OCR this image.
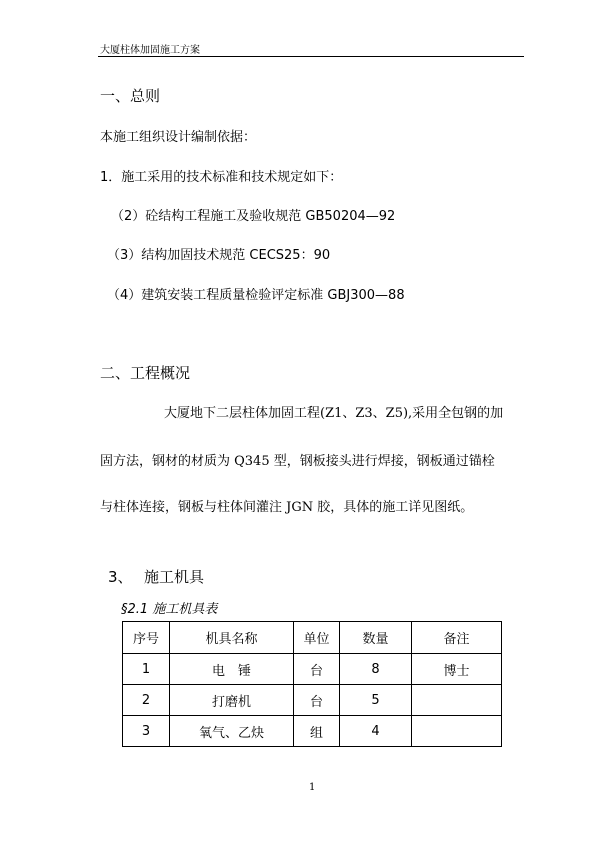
大厦柱体加固施工方案
一、总则
本施工组织设计编制依据：
1．施工采用的技术标准和技术规定如下：
（2）砼结构工程施工及验收规范 GB50204—92
（3）结构加固技术规范 CECS25：90
（4）建筑安装工程质量检验评定标准 GBJ300—88
二、工程概况
大厦地下二层柱体加固工程(Z1、Z3、Z5),采用全包钢的加
固方法，钢材的材质为 Q345 型，钢板接头进行焊接，钢板通过锚栓
与柱体连接，钢板与柱体间灌注 JGN 胶，具体的施工详见图纸。
3、 施工机具
§2.1 施工机具表
序号	机具名称	单位	数量	备注
1	电　锤	台	8	博士
2	打磨机	台	5	
3	氧气、乙炔	组	4	
1
